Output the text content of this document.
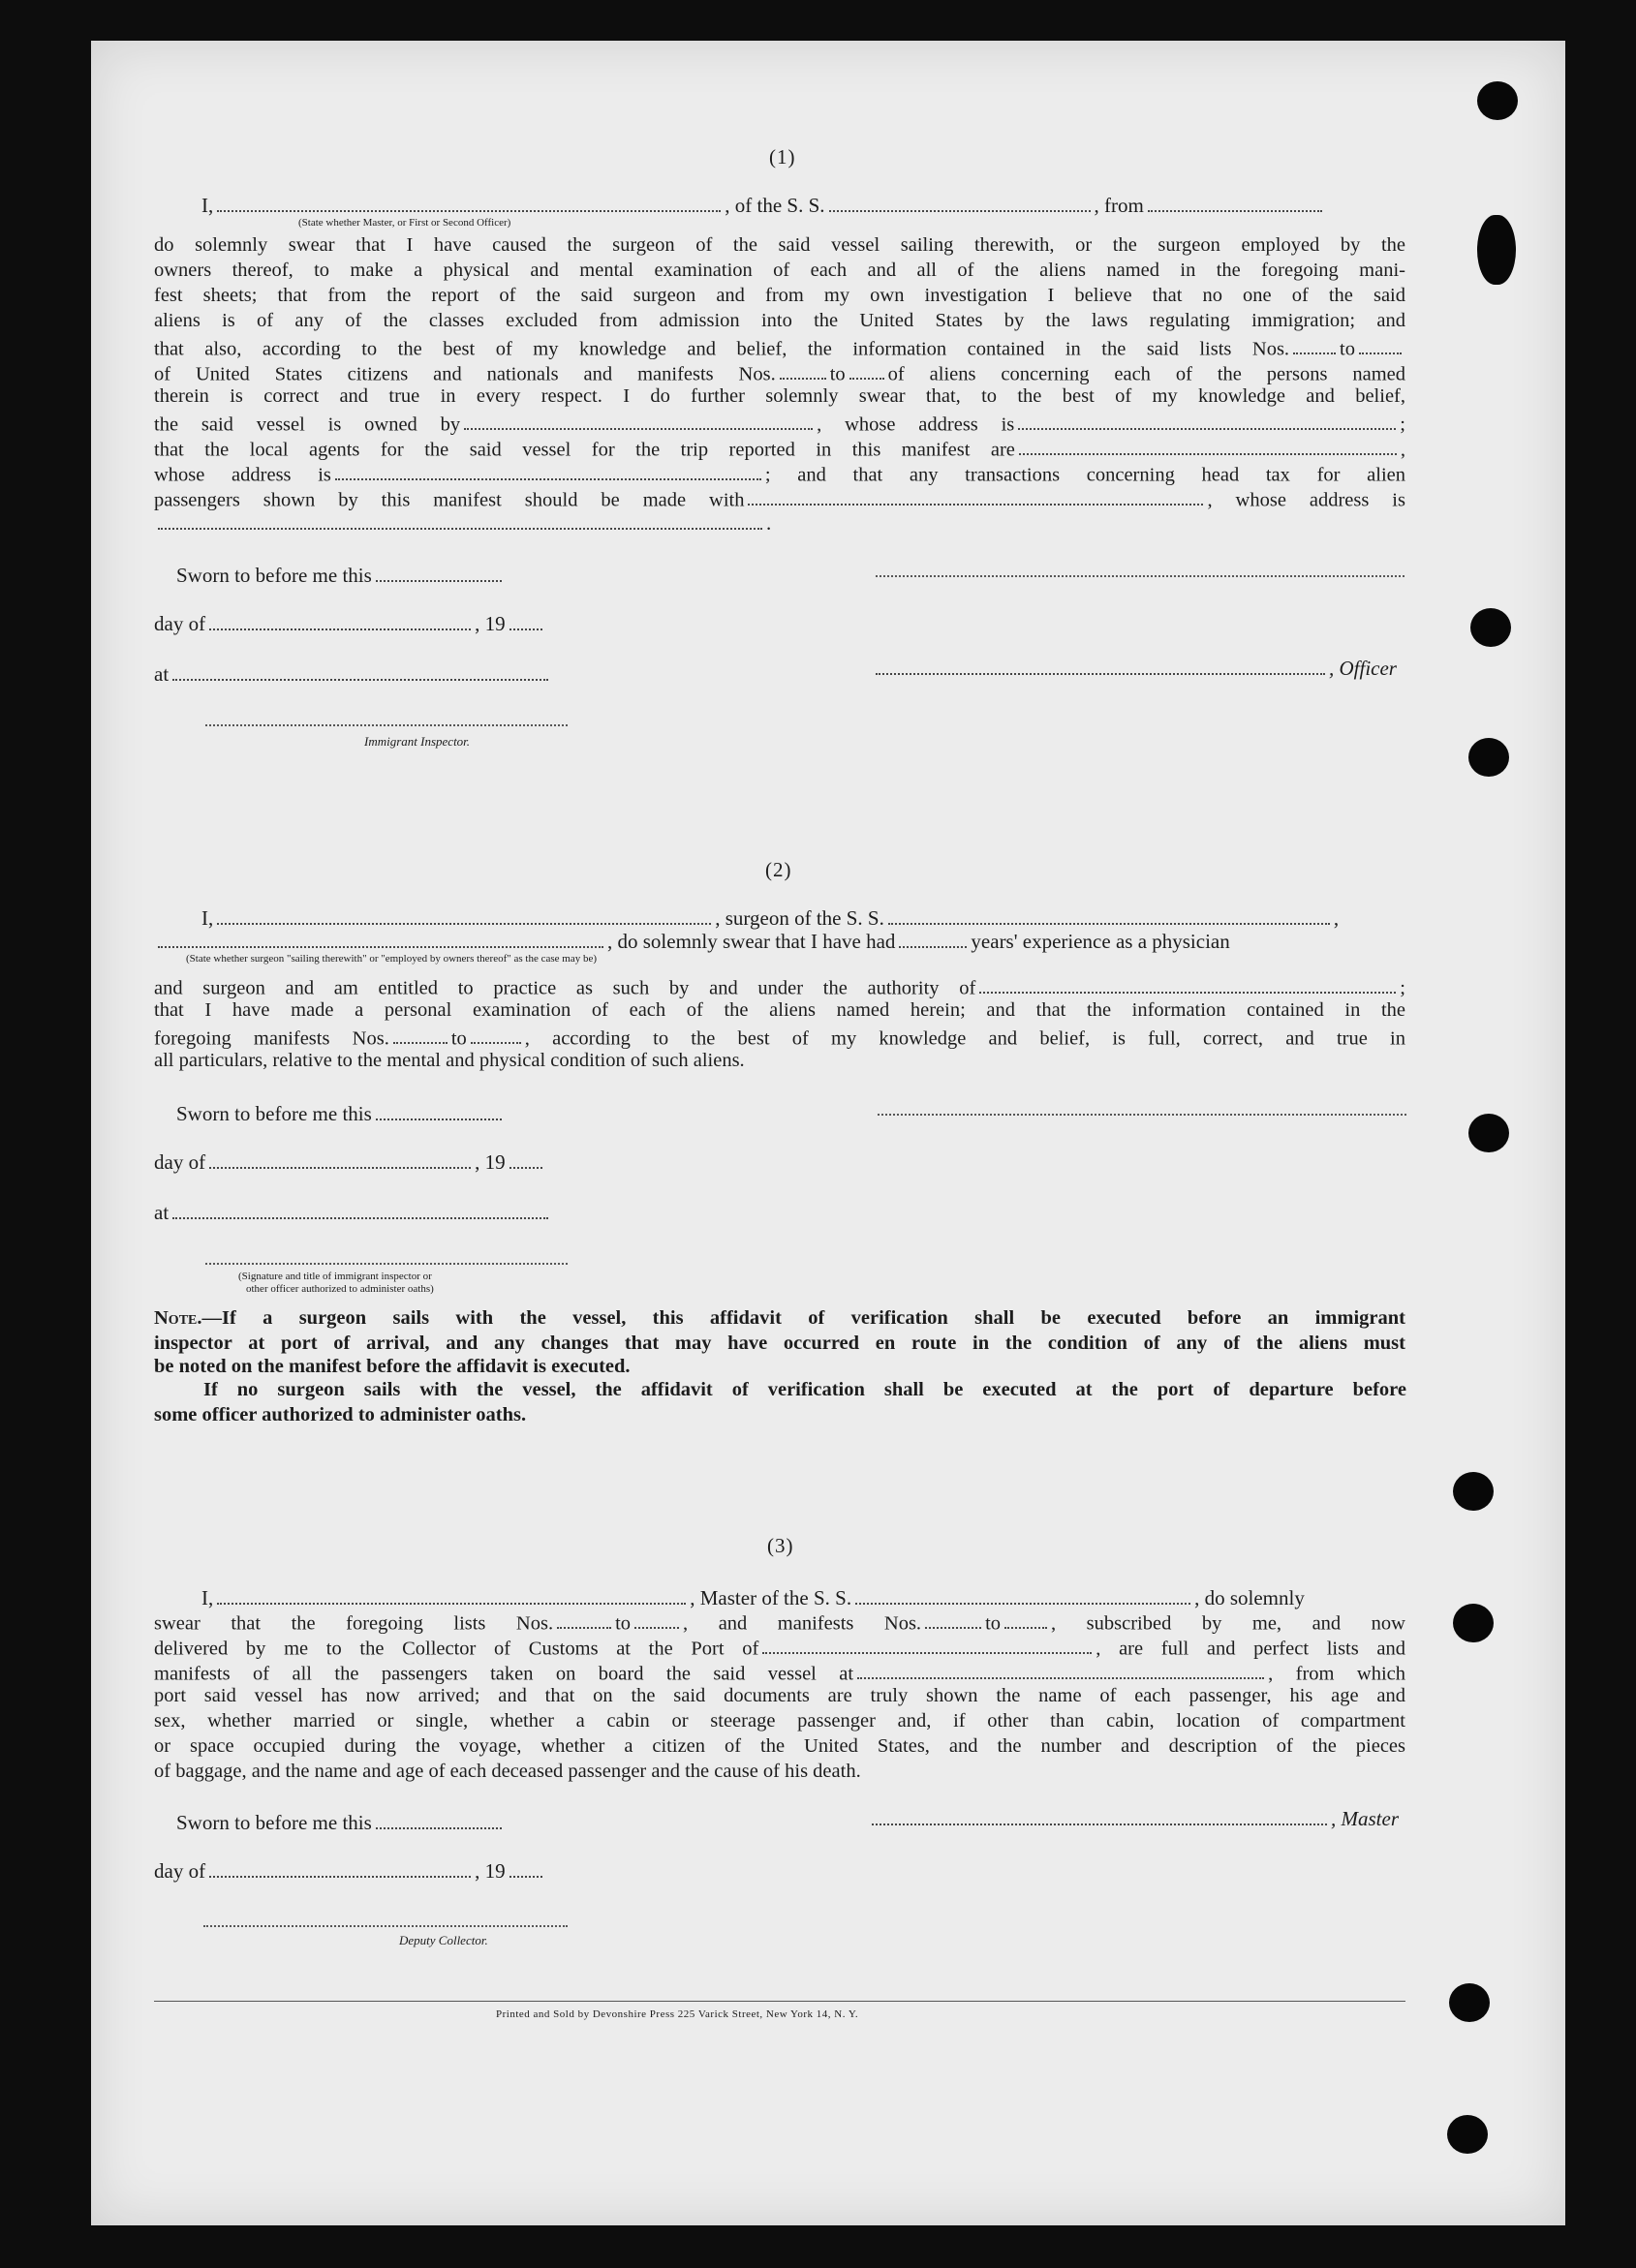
(1)
I,	, of the S. S.	, from
(State whether Master, or First or Second Officer)
do solemnly swear that I have caused the surgeon of the said vessel sailing therewith, or the surgeon employed by the
owners thereof, to make a physical and mental examination of each and all of the aliens named in the foregoing mani-
fest sheets; that from the report of the said surgeon and from my own investigation I believe that no one of the said
aliens is of any of the classes excluded from admission into the United States by the laws regulating immigration; and
that also, according to the best of my knowledge and belief, the information contained in the said lists Nos.	to
of United States citizens and nationals and manifests Nos.	to of aliens concerning each of the persons named
therein is correct and true in every respect. I do further solemnly swear that, to the best of my knowledge and belief,
the said vessel is owned by	, whose address is	;
that the local agents for the said vessel for the trip reported in this manifest are	,
whose address is	; and that any transactions concerning head tax for alien
passengers shown by this manifest should be made with	, whose address is
.
Sworn to before me this
day of	, 19
at	, Officer
Immigrant Inspector.
(2)
I,	, surgeon of the S. S.	,
, do solemnly swear that I have had	years' experience as a physician
(State whether surgeon "sailing therewith" or "employed by owners thereof" as the case may be)
and surgeon and am entitled to practice as such by and under the authority of	;
that I have made a personal examination of each of the aliens named herein; and that the information contained in the
foregoing manifests Nos.	to	, according to the best of my knowledge and belief, is full, correct, and true in
all particulars, relative to the mental and physical condition of such aliens.
Sworn to before me this
day of	, 19
at
(Signature and title of immigrant inspector or
other officer authorized to administer oaths)
Note.—If a surgeon sails with the vessel, this affidavit of verification shall be executed before an immigrant
inspector at port of arrival, and any changes that may have occurred en route in the condition of any of the aliens must
be noted on the manifest before the affidavit is executed.
If no surgeon sails with the vessel, the affidavit of verification shall be executed at the port of departure before
some officer authorized to administer oaths.
(3)
I,	, Master of the S. S.	, do solemnly
swear that the foregoing lists Nos.	to	, and manifests Nos.	to	, subscribed by me, and now
delivered by me to the Collector of Customs at the Port of	, are full and perfect lists and
manifests of all the passengers taken on board the said vessel at	, from which
port said vessel has now arrived; and that on the said documents are truly shown the name of each passenger, his age and
sex, whether married or single, whether a cabin or steerage passenger and, if other than cabin, location of compartment
or space occupied during the voyage, whether a citizen of the United States, and the number and description of the pieces
of baggage, and the name and age of each deceased passenger and the cause of his death.
Sworn to before me this	, Master
day of	, 19
Deputy Collector.
Printed and Sold by Devonshire Press 225 Varick Street, New York 14, N. Y.
